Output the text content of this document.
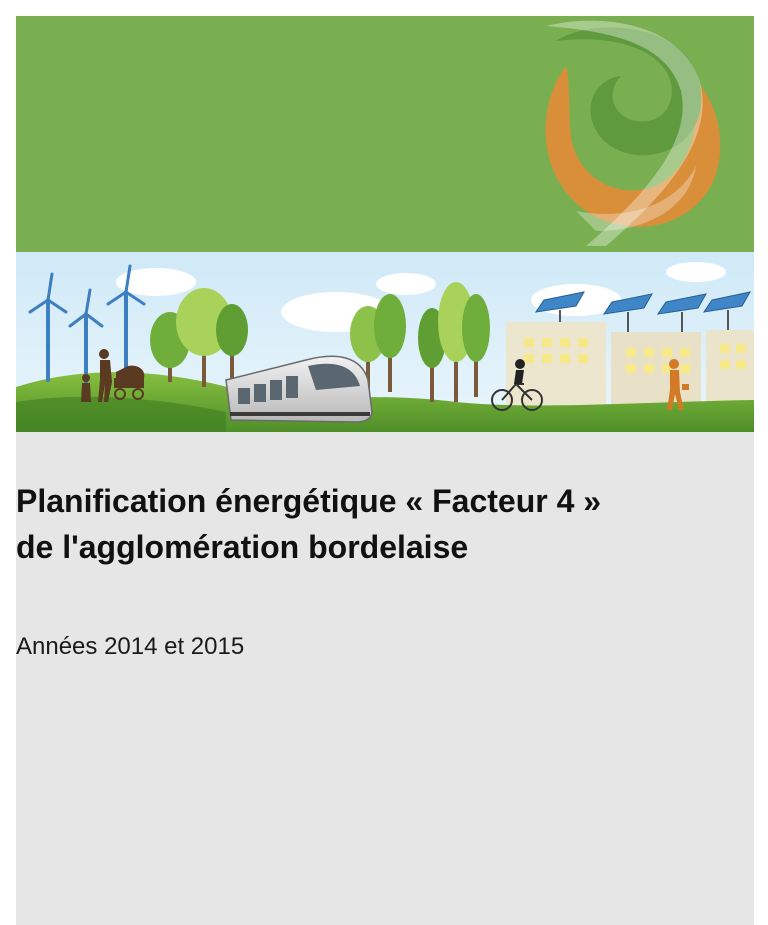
Planification énergétique « Facteur 4 »
de l'agglomération bordelaise

Années 2014 et 2015
